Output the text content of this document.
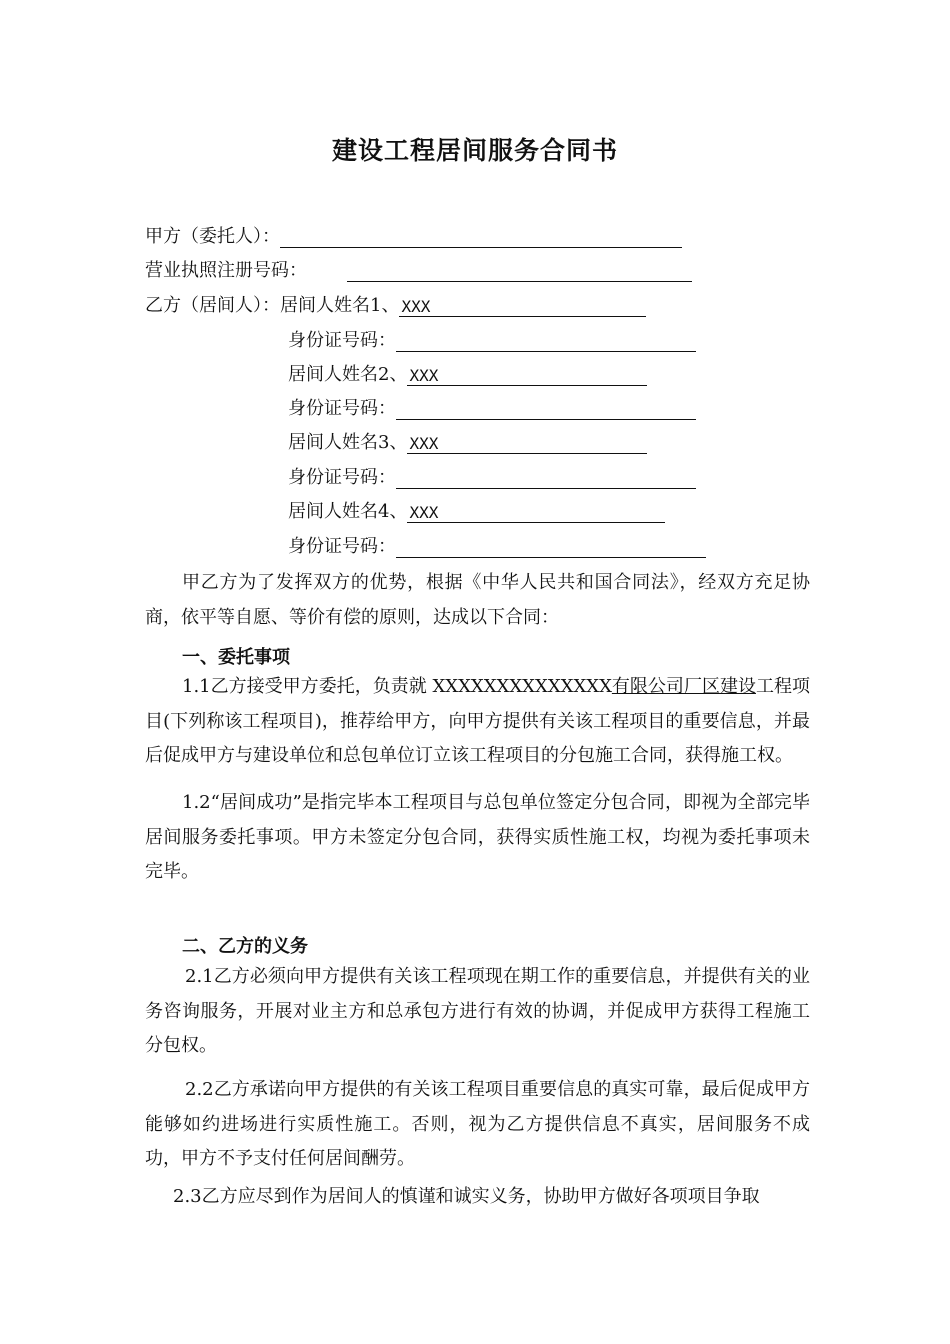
建设工程居间服务合同书
甲方（委托人）：
营业执照注册号码：
乙方（居间人）：居间人姓名1、 XXX
身份证号码：
居间人姓名2、 XXX
身份证号码：
居间人姓名3、 XXX
身份证号码：
居间人姓名4、 XXX
身份证号码：

甲乙方为了发挥双方的优势，根据《中华人民共和国合同法》，经双方充足协商，依平等自愿、等价有偿的原则，达成以下合同：

一、委托事项

1.1乙方接受甲方委托，负责就 XXXXXXXXXXXXXX有限公司厂区建设工程项目(下列称该工程项目)，推荐给甲方，向甲方提供有关该工程项目的重要信息，并最后促成甲方与建设单位和总包单位订立该工程项目的分包施工合同，获得施工权。

1.2“居间成功”是指完毕本工程项目与总包单位签定分包合同，即视为全部完毕居间服务委托事项。甲方未签定分包合同，获得实质性施工权，均视为委托事项未完毕。

二、乙方的义务

2.1乙方必须向甲方提供有关该工程项现在期工作的重要信息，并提供有关的业务咨询服务，开展对业主方和总承包方进行有效的协调，并促成甲方获得工程施工分包权。

2.2乙方承诺向甲方提供的有关该工程项目重要信息的真实可靠，最后促成甲方能够如约进场进行实质性施工。否则，视为乙方提供信息不真实，居间服务不成功，甲方不予支付任何居间酬劳。

2.3乙方应尽到作为居间人的慎谨和诚实义务，协助甲方做好各项项目争取
